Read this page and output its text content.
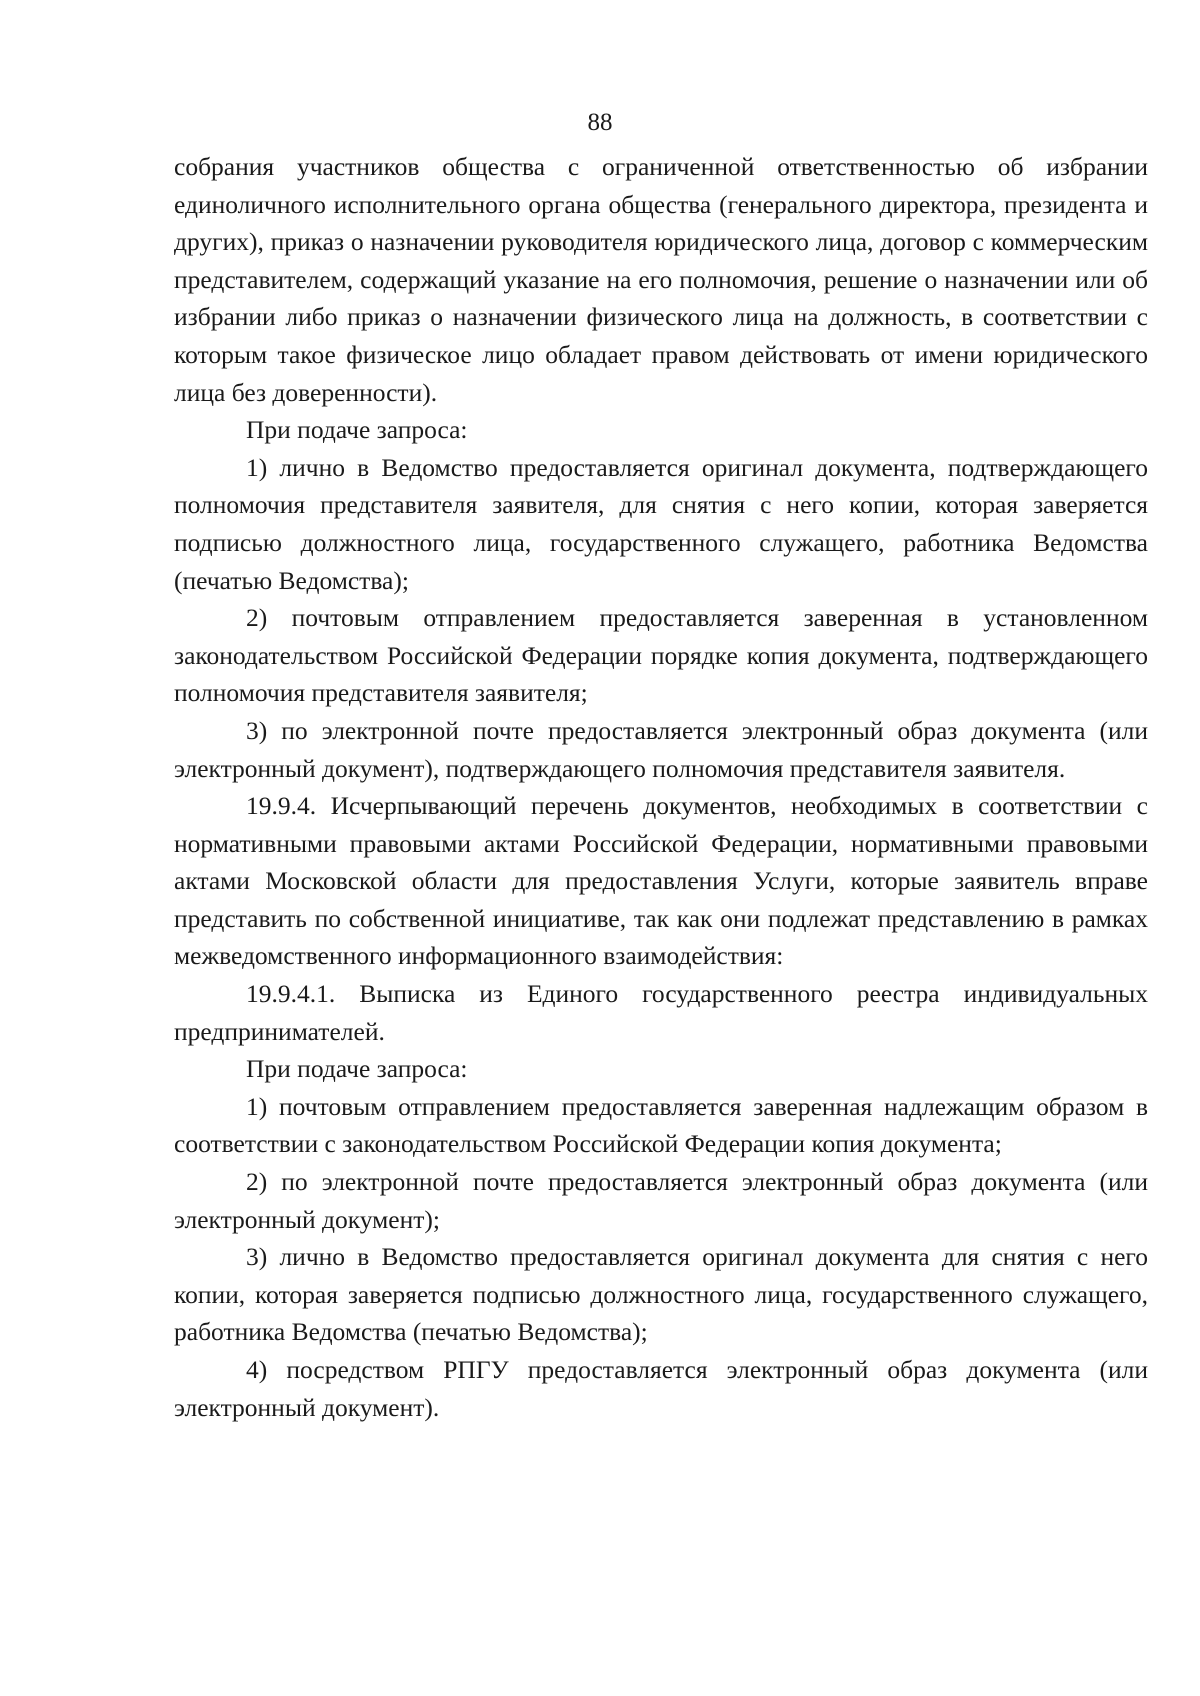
88

собрания участников общества с ограниченной ответственностью об избрании единоличного исполнительного органа общества (генерального директора, президента и других), приказ о назначении руководителя юридического лица, договор с коммерческим представителем, содержащий указание на его полномочия, решение о назначении или об избрании либо приказ о назначении физического лица на должность, в соответствии с которым такое физическое лицо обладает правом действовать от имени юридического лица без доверенности).

При подаче запроса:

1) лично в Ведомство предоставляется оригинал документа, подтверждающего полномочия представителя заявителя, для снятия с него копии, которая заверяется подписью должностного лица, государственного служащего, работника Ведомства (печатью Ведомства);

2) почтовым отправлением предоставляется заверенная в установленном законодательством Российской Федерации порядке копия документа, подтверждающего полномочия представителя заявителя;

3) по электронной почте предоставляется электронный образ документа (или электронный документ), подтверждающего полномочия представителя заявителя.

19.9.4. Исчерпывающий перечень документов, необходимых в соответствии с нормативными правовыми актами Российской Федерации, нормативными правовыми актами Московской области для предоставления Услуги, которые заявитель вправе представить по собственной инициативе, так как они подлежат представлению в рамках межведомственного информационного взаимодействия:

19.9.4.1. Выписка из Единого государственного реестра индивидуальных предпринимателей.

При подаче запроса:

1) почтовым отправлением предоставляется заверенная надлежащим образом в соответствии с законодательством Российской Федерации копия документа;

2) по электронной почте предоставляется электронный образ документа (или электронный документ);

3) лично в Ведомство предоставляется оригинал документа для снятия с него копии, которая заверяется подписью должностного лица, государственного служащего, работника Ведомства (печатью Ведомства);

4) посредством РПГУ предоставляется электронный образ документа (или электронный документ).
